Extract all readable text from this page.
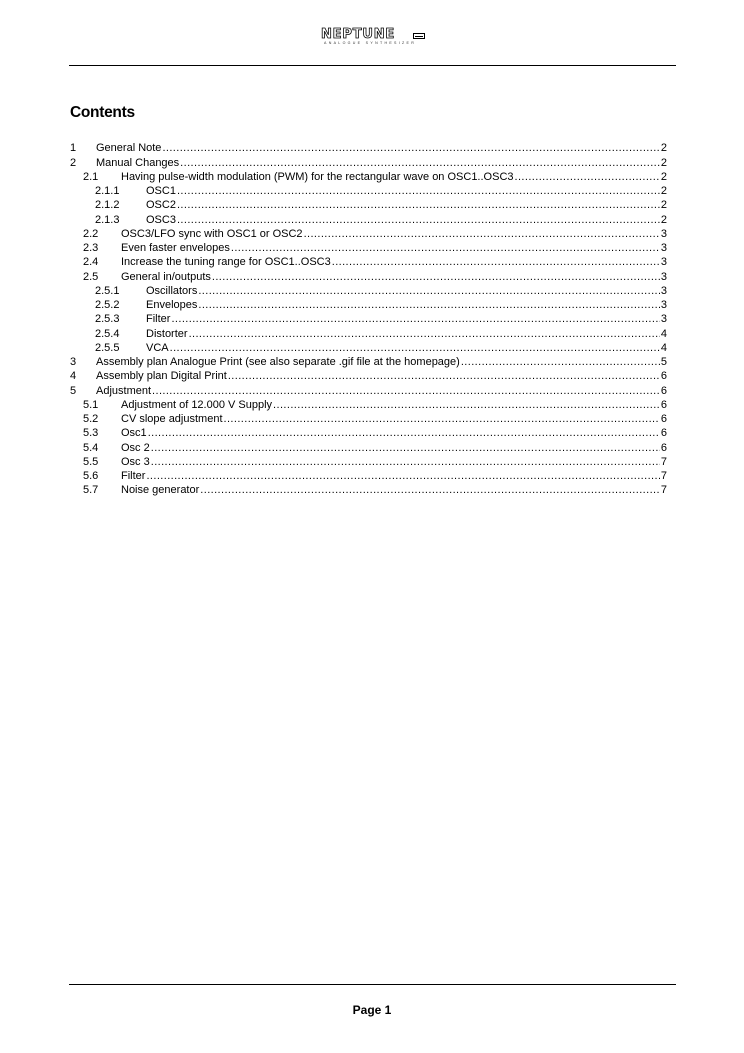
NEPTUNE
ANALOGUE SYNTHESIZER
Contents
1	General Note .....	2
2	Manual Changes .....	2
2.1	Having pulse-width modulation (PWM) for the rectangular wave on OSC1..OSC3 .....	2
2.1.1	OSC1 .....	2
2.1.2	OSC2 .....	2
2.1.3	OSC3 .....	2
2.2	OSC3/LFO sync with OSC1 or OSC2 .....	3
2.3	Even faster envelopes .....	3
2.4	Increase the tuning range for OSC1..OSC3 .....	3
2.5	General in/outputs .....	3
2.5.1	Oscillators .....	3
2.5.2	Envelopes .....	3
2.5.3	Filter .....	3
2.5.4	Distorter .....	4
2.5.5	VCA .....	4
3	Assembly plan Analogue Print (see also separate .gif file at the homepage) .....	5
4	Assembly plan Digital Print .....	6
5	Adjustment .....	6
5.1	Adjustment of 12.000 V Supply .....	6
5.2	CV slope adjustment .....	6
5.3	Osc1 .....	6
5.4	Osc 2 .....	6
5.5	Osc 3 .....	7
5.6	Filter .....	7
5.7	Noise generator .....	7
Page 1
